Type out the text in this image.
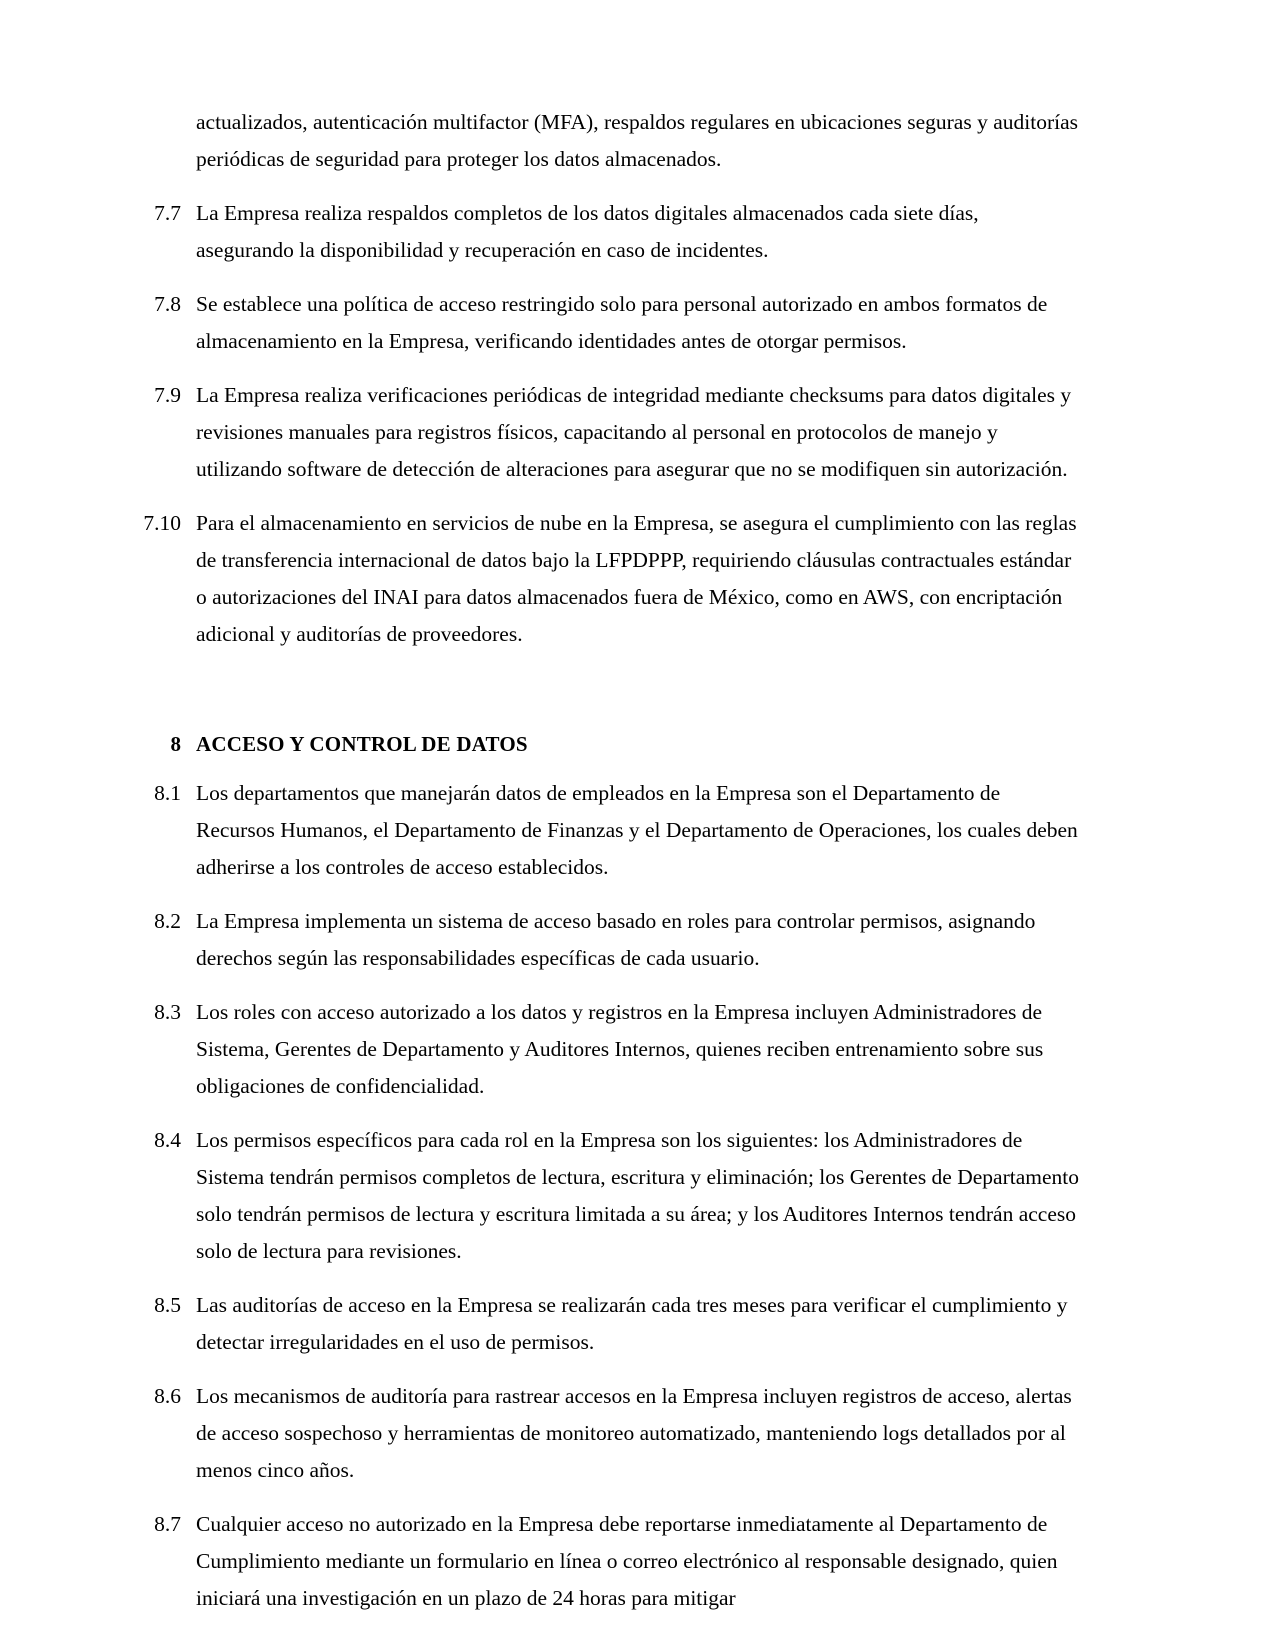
actualizados, autenticación multifactor (MFA), respaldos regulares en ubicaciones seguras y auditorías periódicas de seguridad para proteger los datos almacenados.

7.7 La Empresa realiza respaldos completos de los datos digitales almacenados cada siete días, asegurando la disponibilidad y recuperación en caso de incidentes.
7.8 Se establece una política de acceso restringido solo para personal autorizado en ambos formatos de almacenamiento en la Empresa, verificando identidades antes de otorgar permisos.
7.9 La Empresa realiza verificaciones periódicas de integridad mediante checksums para datos digitales y revisiones manuales para registros físicos, capacitando al personal en protocolos de manejo y utilizando software de detección de alteraciones para asegurar que no se modifiquen sin autorización.
7.10 Para el almacenamiento en servicios de nube en la Empresa, se asegura el cumplimiento con las reglas de transferencia internacional de datos bajo la LFPDPPP, requiriendo cláusulas contractuales estándar o autorizaciones del INAI para datos almacenados fuera de México, como en AWS, con encriptación adicional y auditorías de proveedores.
8 ACCESO Y CONTROL DE DATOS
8.1 Los departamentos que manejarán datos de empleados en la Empresa son el Departamento de Recursos Humanos, el Departamento de Finanzas y el Departamento de Operaciones, los cuales deben adherirse a los controles de acceso establecidos.
8.2 La Empresa implementa un sistema de acceso basado en roles para controlar permisos, asignando derechos según las responsabilidades específicas de cada usuario.
8.3 Los roles con acceso autorizado a los datos y registros en la Empresa incluyen Administradores de Sistema, Gerentes de Departamento y Auditores Internos, quienes reciben entrenamiento sobre sus obligaciones de confidencialidad.
8.4 Los permisos específicos para cada rol en la Empresa son los siguientes: los Administradores de Sistema tendrán permisos completos de lectura, escritura y eliminación; los Gerentes de Departamento solo tendrán permisos de lectura y escritura limitada a su área; y los Auditores Internos tendrán acceso solo de lectura para revisiones.
8.5 Las auditorías de acceso en la Empresa se realizarán cada tres meses para verificar el cumplimiento y detectar irregularidades en el uso de permisos.
8.6 Los mecanismos de auditoría para rastrear accesos en la Empresa incluyen registros de acceso, alertas de acceso sospechoso y herramientas de monitoreo automatizado, manteniendo logs detallados por al menos cinco años.
8.7 Cualquier acceso no autorizado en la Empresa debe reportarse inmediatamente al Departamento de Cumplimiento mediante un formulario en línea o correo electrónico al responsable designado, quien iniciará una investigación en un plazo de 24 horas para mitigar
